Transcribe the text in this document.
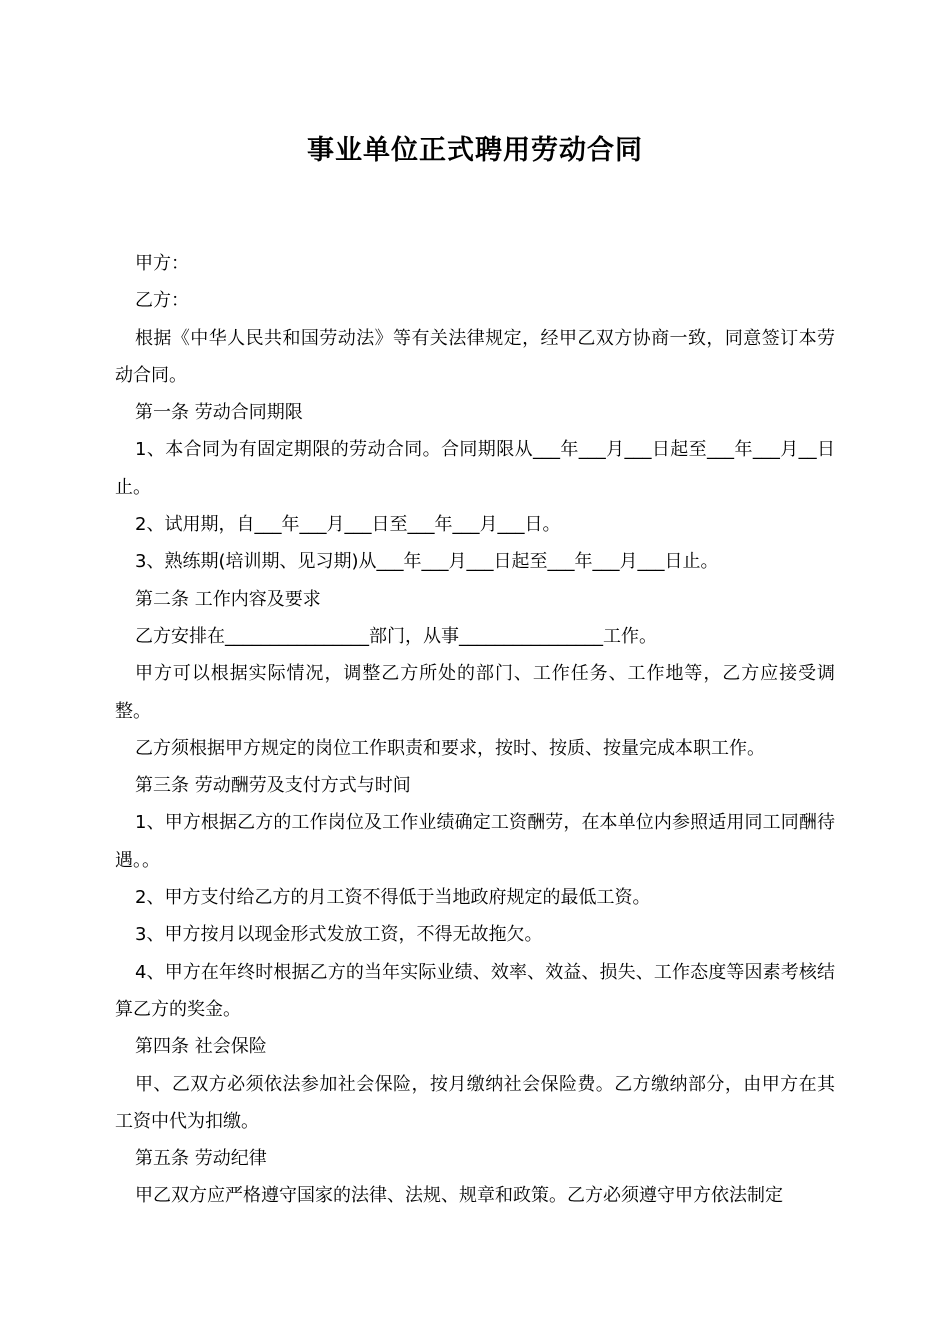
事业单位正式聘用劳动合同

甲方：

乙方：

根据《中华人民共和国劳动法》等有关法律规定，经甲乙双方协商一致，同意签订本劳动合同。

第一条 劳动合同期限

1、本合同为有固定期限的劳动合同。合同期限从___年___月___日起至___年___月__日止。

2、试用期，自___年___月___日至___年___月___日。

3、熟练期(培训期、见习期)从___年___月___日起至___年___月___日止。

第二条 工作内容及要求

乙方安排在________________部门，从事________________工作。

甲方可以根据实际情况，调整乙方所处的部门、工作任务、工作地等，乙方应接受调整。

乙方须根据甲方规定的岗位工作职责和要求，按时、按质、按量完成本职工作。

第三条 劳动酬劳及支付方式与时间

1、甲方根据乙方的工作岗位及工作业绩确定工资酬劳，在本单位内参照适用同工同酬待遇。。

2、甲方支付给乙方的月工资不得低于当地政府规定的最低工资。

3、甲方按月以现金形式发放工资，不得无故拖欠。

4、甲方在年终时根据乙方的当年实际业绩、效率、效益、损失、工作态度等因素考核结算乙方的奖金。

第四条 社会保险

甲、乙双方必须依法参加社会保险，按月缴纳社会保险费。乙方缴纳部分，由甲方在其工资中代为扣缴。

第五条 劳动纪律

甲乙双方应严格遵守国家的法律、法规、规章和政策。乙方必须遵守甲方依法制定
